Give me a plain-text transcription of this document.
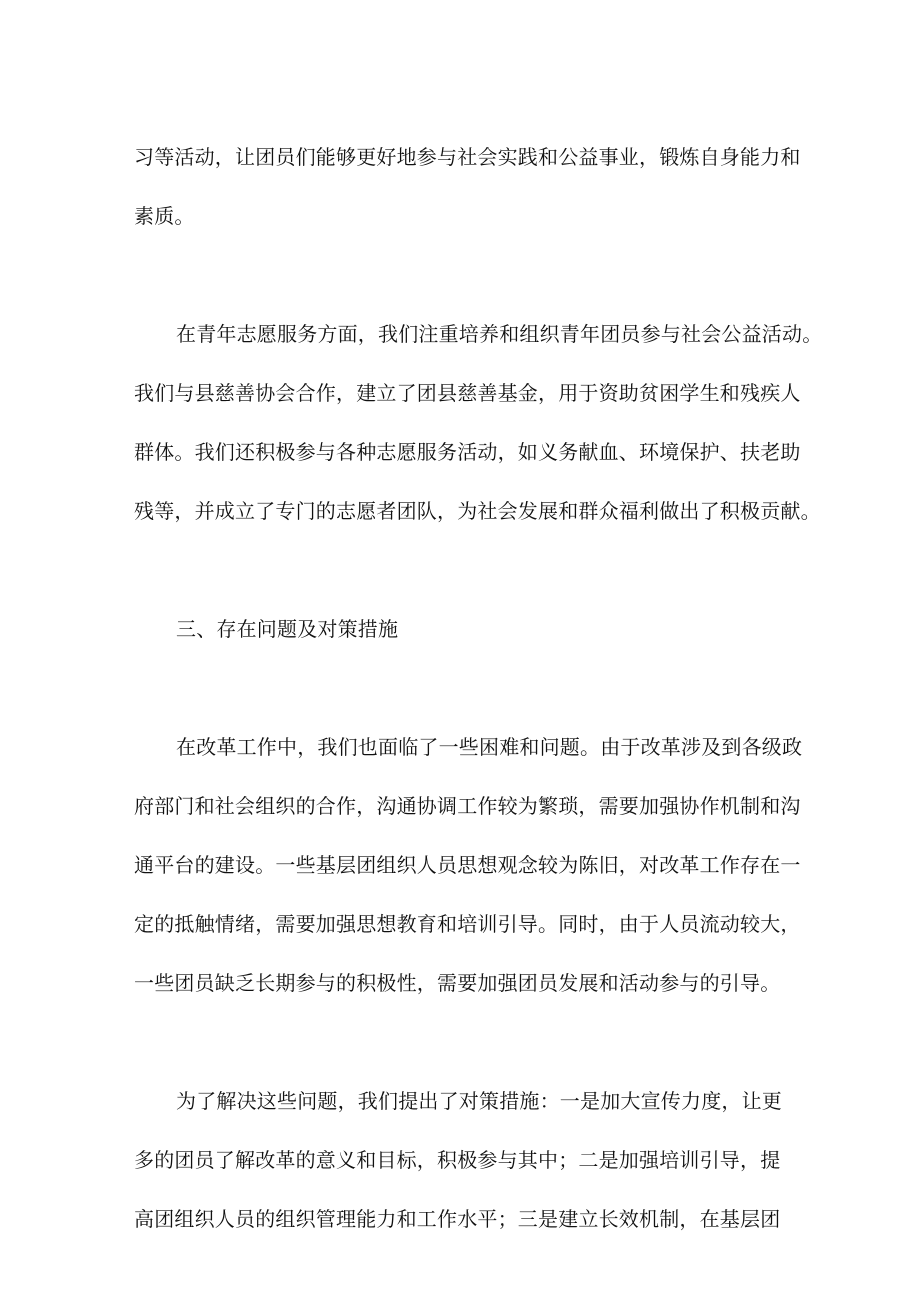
习等活动，让团员们能够更好地参与社会实践和公益事业，锻炼自身能力和
素质。

在青年志愿服务方面，我们注重培养和组织青年团员参与社会公益活动。
我们与县慈善协会合作，建立了团县慈善基金，用于资助贫困学生和残疾人
群体。我们还积极参与各种志愿服务活动，如义务献血、环境保护、扶老助
残等，并成立了专门的志愿者团队，为社会发展和群众福利做出了积极贡献。

三、存在问题及对策措施

在改革工作中，我们也面临了一些困难和问题。由于改革涉及到各级政
府部门和社会组织的合作，沟通协调工作较为繁琐，需要加强协作机制和沟
通平台的建设。一些基层团组织人员思想观念较为陈旧，对改革工作存在一
定的抵触情绪，需要加强思想教育和培训引导。同时，由于人员流动较大，
一些团员缺乏长期参与的积极性，需要加强团员发展和活动参与的引导。

为了解决这些问题，我们提出了对策措施：一是加大宣传力度，让更
多的团员了解改革的意义和目标，积极参与其中；二是加强培训引导，提
高团组织人员的组织管理能力和工作水平；三是建立长效机制，在基层团
